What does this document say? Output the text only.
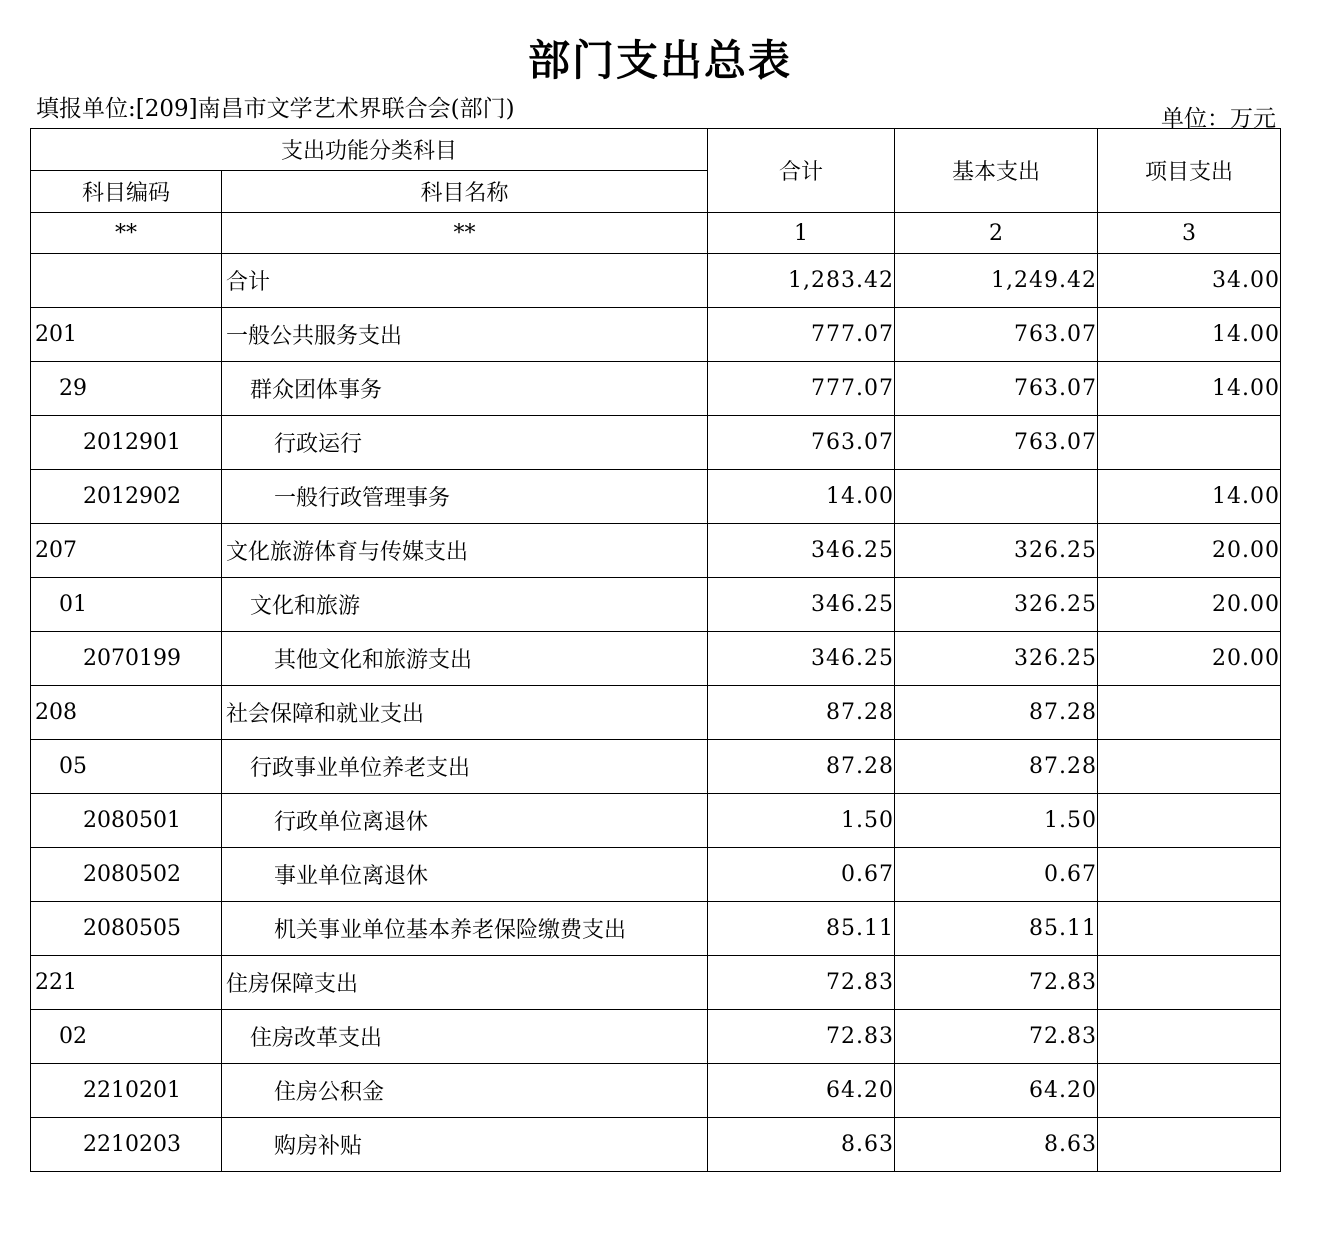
部门支出总表
填报单位:[209]南昌市文学艺术界联合会(部门)	单位：万元
支出功能分类科目		合计	基本支出	项目支出
科目编码	科目名称			
**	**	1	2	3
	合计	1,283.42	1,249.42	34.00
201	一般公共服务支出	777.07	763.07	14.00
29	群众团体事务	777.07	763.07	14.00
2012901	行政运行	763.07	763.07	
2012902	一般行政管理事务	14.00		14.00
207	文化旅游体育与传媒支出	346.25	326.25	20.00
01	文化和旅游	346.25	326.25	20.00
2070199	其他文化和旅游支出	346.25	326.25	20.00
208	社会保障和就业支出	87.28	87.28	
05	行政事业单位养老支出	87.28	87.28	
2080501	行政单位离退休	1.50	1.50	
2080502	事业单位离退休	0.67	0.67	
2080505	机关事业单位基本养老保险缴费支出	85.11	85.11	
221	住房保障支出	72.83	72.83	
02	住房改革支出	72.83	72.83	
2210201	住房公积金	64.20	64.20	
2210203	购房补贴	8.63	8.63	
